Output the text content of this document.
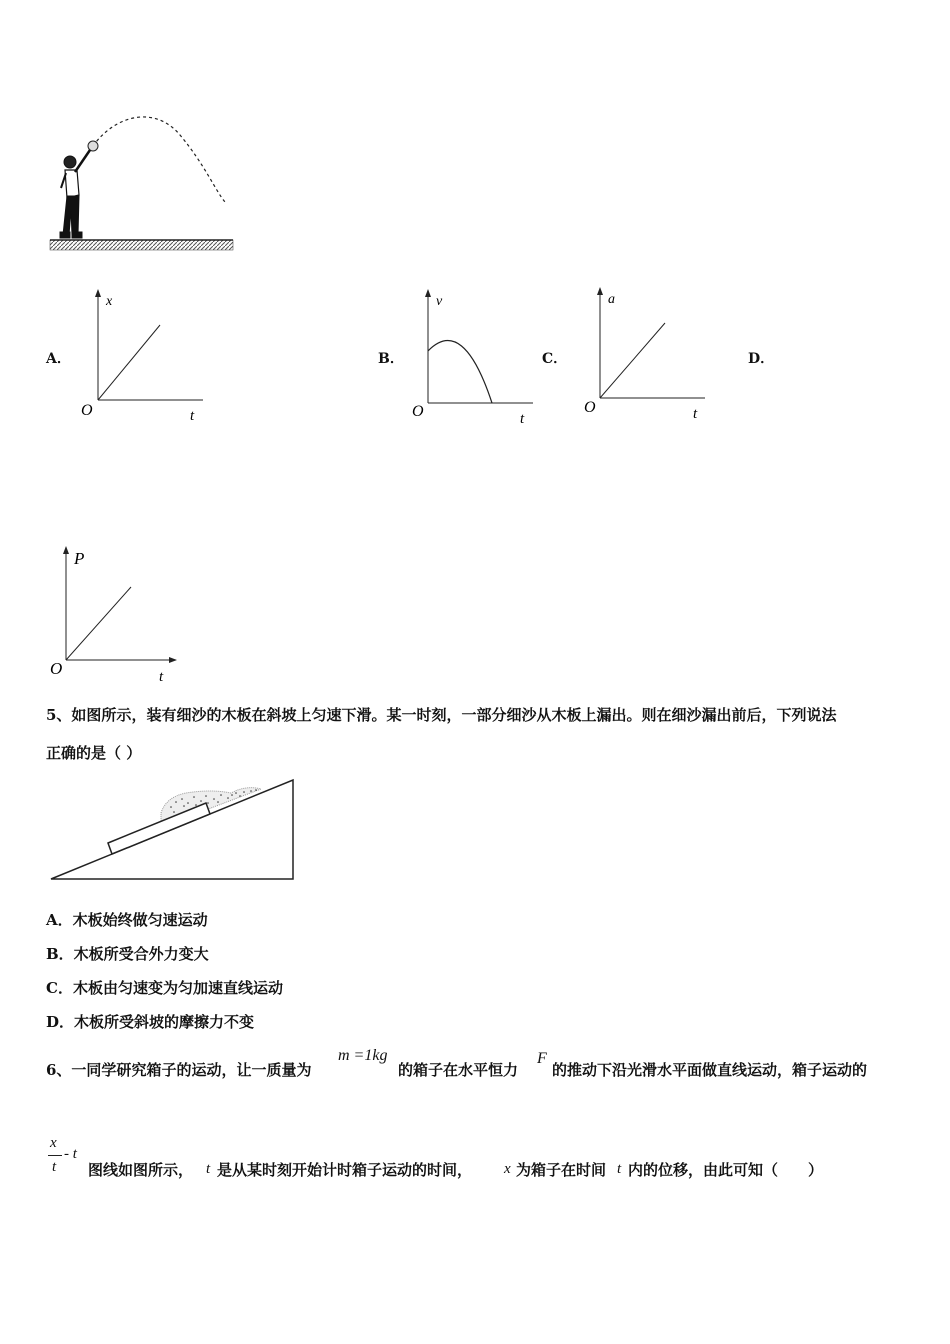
A．
x
O	t
B．
v
O	t
C．
a
O	t
D．
P
O	t
5、如图所示，装有细沙的木板在斜坡上匀速下滑。某一时刻，一部分细沙从木板上漏出。则在细沙漏出前后，下列说法
正确的是（ ）
A．木板始终做匀速运动
B．木板所受合外力变大
C．木板由匀速变为匀加速直线运动
D．木板所受斜坡的摩擦力不变
6、一同学研究箱子的运动，让一质量为
m =1kg
的箱子在水平恒力
F
的推动下沿光滑水平面做直线运动，箱子运动的
x
t
- t
图线如图所示， t 是从某时刻开始计时箱子运动的时间， x 为箱子在时间 t 内的位移，由此可知（　　）
